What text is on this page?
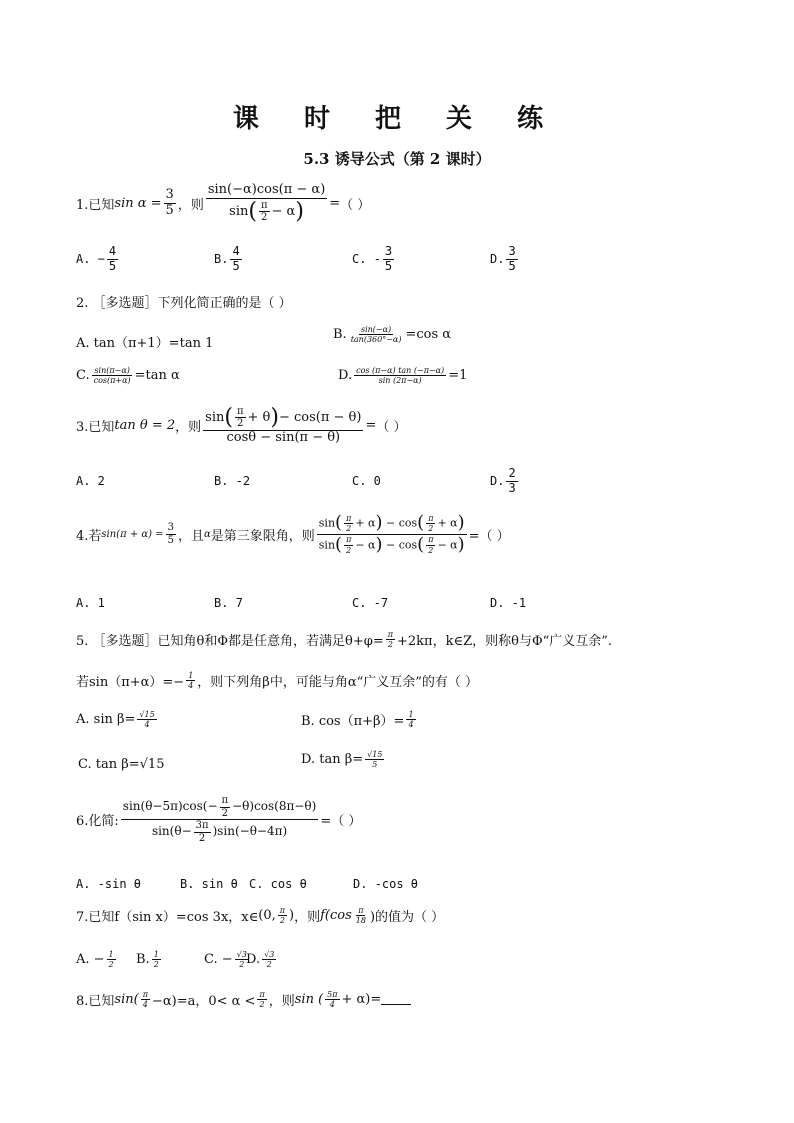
课 时 把 关 练
5.3 诱导公式（第 2 课时）
1.已知 $\sin \alpha = \frac{3}{5}$ ，则 $\frac{\sin(-\alpha)\cos(\pi - \alpha)}{\sin( \frac{\pi}{2} - \alpha)}$ = （ ）
A. − $\frac{4}{5}$	B. $\frac{4}{5}$	C. - $\frac{3}{5}$	D. $\frac{3}{5}$
2. ［多选题］下列化简正确的是（ ）
A. tan（π+1）=tan 1
B. $\frac{\sin(-\alpha)}{\tan(360^\circ-\alpha)} =\cos$ α
C. $\frac{\sin(\pi-\alpha)}{\cos(\pi+\alpha)} =\tan$ α	D. $\frac{\cos (\pi-\alpha) \tan (-\pi-\alpha)}{\sin (2\pi-\alpha)} =1$
3.已知 tan θ = 2 ，则 $\frac{\sin( \frac{\pi}{2} + \theta)- \cos(\pi - \theta)}{\cos\theta - \sin(\pi - \theta)}$ = （ ）
A. 2	B. -2	C. 0	D. $\frac{2}{3}$
4.若 $\sin(\pi + \alpha) = \frac{3}{5}$ ，且 α 是第三象限角，则 $\frac{\sin( \frac{\pi}{2} + \alpha) - \cos( \frac{\pi}{2} + \alpha)}{\sin( \frac{\pi}{2} - \alpha) - \cos( \frac{\pi}{2} - \alpha)}$ =（ ）
A. 1	B. 7	C. -7	D. -1
5. ［多选题］已知角θ和Φ都是任意角，若满足$\theta+\varphi= \frac{\pi}{2} +2k\pi$，k∈Z，则称θ与Φ“广义互余”.
若$\sin(\pi+\alpha)=- \frac{1}{4}$ ，则下列角β中，可能与角α“广义互余”的有（ ）
A. $\sin \beta= \frac{√15}{4}$	B. $\cos(\pi+\beta)= \frac{1}{4}$
C. tan β= √15	D. $\tan \beta= \frac{√15}{5}$
6.化简: $\frac{\sin(\theta-5\pi)\cos(- \frac{\pi}{2} -\theta)\cos(8\pi-\theta)}{\sin(\theta- \frac{3\pi}{2} )\sin(-\theta-4\pi)}$ =（ ）
A. -sin θ	B. sin θ C. cos θ	D. -cos θ
7.已知 f（sin x）=cos 3x，x∈ (0, $\frac{\pi}{2}$ ) ，则 $f(\cos \frac{\pi}{18}$ )的值为（ ）
A. − $\frac{1}{2} B$. $\frac{1}{2}$	C. − $\frac{√3}{2}$
D. $\frac{√3}{2}$
8.已知 $\sin( \frac{\pi}{4} -\alpha)=a$，$0< \alpha < \frac{\pi}{2}$ ，则 sin ( $\frac{5\pi}{4} + \alpha)=$
